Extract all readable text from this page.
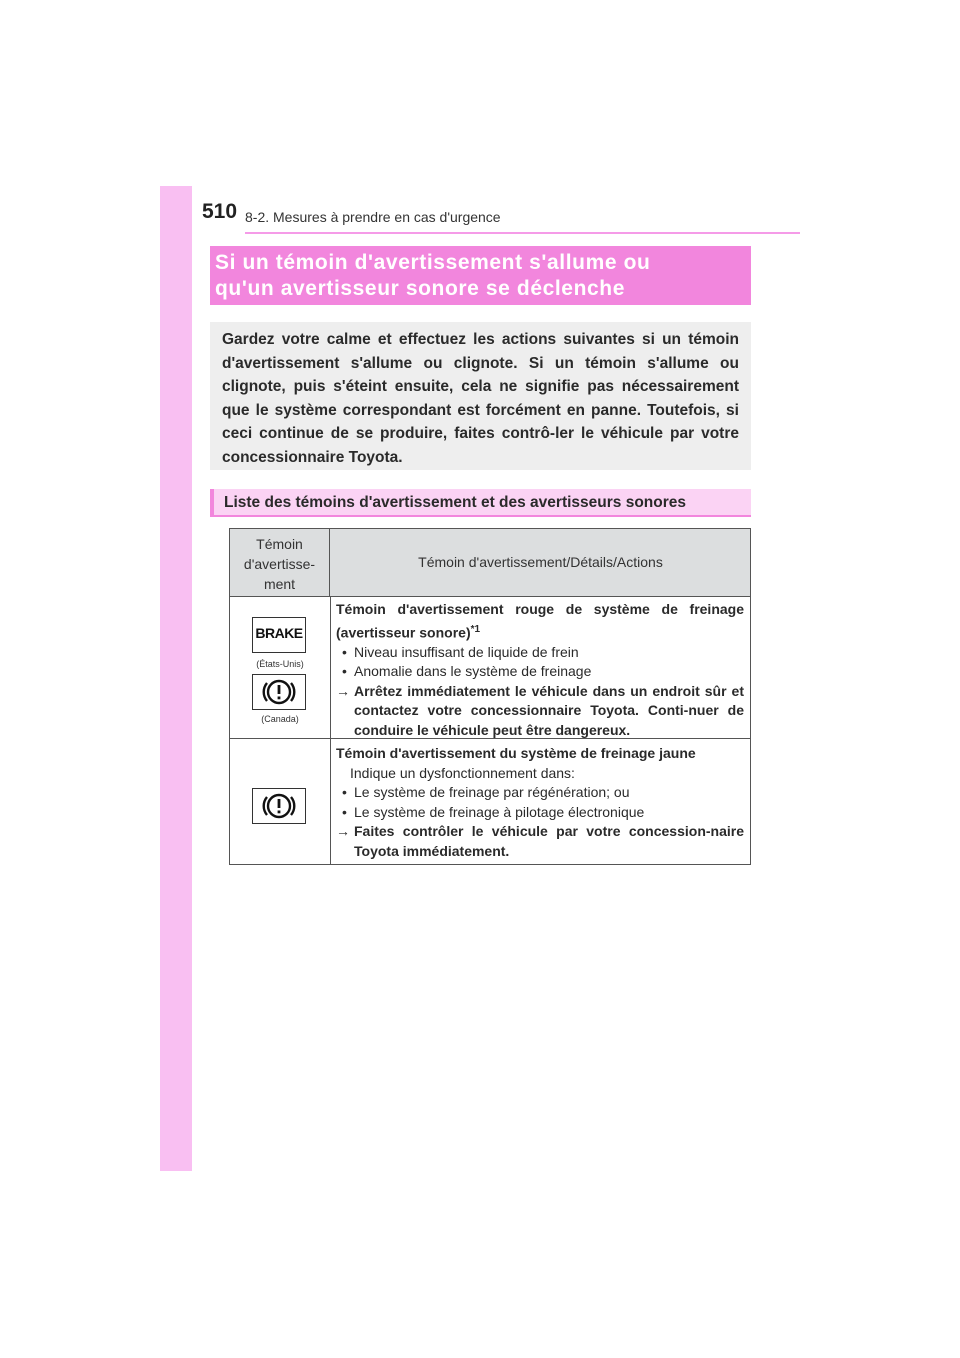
510 8-2. Mesures à prendre en cas d'urgence
Si un témoin d'avertissement s'allume ou
qu'un avertisseur sonore se déclenche
Gardez votre calme et effectuez les actions suivantes si un témoin d'avertissement s'allume ou clignote. Si un témoin s'allume ou clignote, puis s'éteint ensuite, cela ne signifie pas nécessairement que le système correspondant est forcément en panne. Toutefois, si ceci continue de se produire, faites contrô-ler le véhicule par votre concessionnaire Toyota.
Liste des témoins d'avertissement et des avertisseurs sonores
Témoin
d'avertisse-
ment
Témoin d'avertissement/Détails/Actions
BRAKE
(États-Unis)
(Canada)
Témoin d'avertissement rouge de système de freinage (avertisseur sonore)$^{*1}$
• Niveau insuffisant de liquide de frein
• Anomalie dans le système de freinage
→ Arrêtez immédiatement le véhicule dans un endroit sûr et contactez votre concessionnaire Toyota. Conti-nuer de conduire le véhicule peut être dangereux.
Témoin d'avertissement du système de freinage jaune
Indique un dysfonctionnement dans:
• Le système de freinage par régénération; ou
• Le système de freinage à pilotage électronique
→ Faites contrôler le véhicule par votre concession-naire Toyota immédiatement.
